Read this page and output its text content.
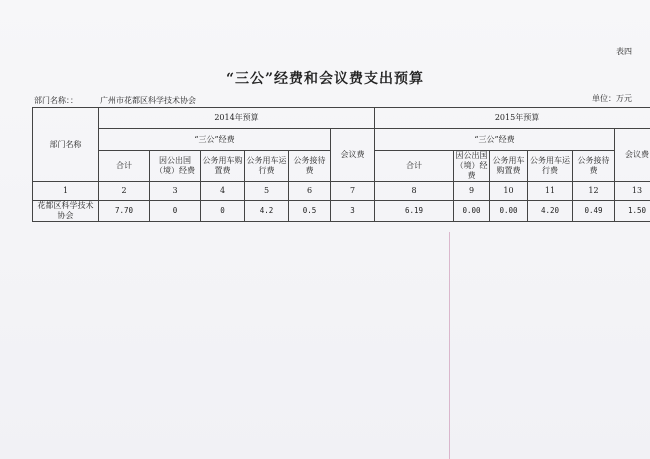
表四
“三公”经费和会议费支出预算
部门名称：：	广州市花都区科学技术协会	单位：万元
部门名称	2014年预算						2015年预算					
	“三公”经费					会议费	“三公”经费					会议费
	合计	因公出国（境）经费	公务用车购置费	公务用车运行费	公务接待费		合计	因公出国（境）经费	公务用车购置费	公务用车运行费	公务接待费	
1	2	3	4	5	6	7	8	9	10	11	12	13
花都区科学技术协会	7.70	0	0	4.2	0.5	3	6.19	0.00	0.00	4.20	0.49	1.50
